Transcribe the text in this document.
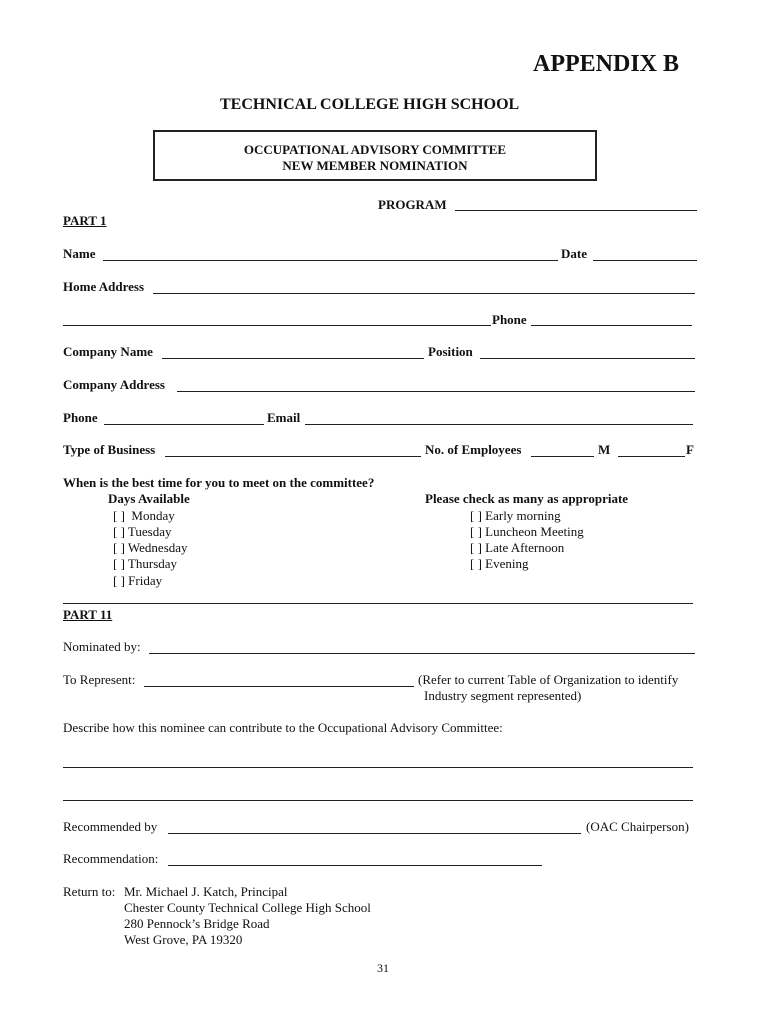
APPENDIX B
TECHNICAL COLLEGE HIGH SCHOOL
OCCUPATIONAL ADVISORY COMMITTEE
NEW MEMBER NOMINATION
PROGRAM
PART 1
Name	Date
Home Address
Phone
Company Name	Position
Company Address
Phone	Email
Type of Business	No. of Employees	M	F
When is the best time for you to meet on the committee?
Days Available	Please check as many as appropriate
[ ]  Monday
[ ] Tuesday
[ ] Wednesday
[ ] Thursday
[ ] Friday
[ ] Early morning
[ ] Luncheon Meeting
[ ] Late Afternoon
[ ] Evening
PART 11
Nominated by:
To Represent:	(Refer to current Table of Organization to identify
Industry segment represented)
Describe how this nominee can contribute to the Occupational Advisory Committee:
Recommended by	(OAC Chairperson)
Recommendation:
Return to: Mr. Michael J. Katch, Principal
Chester County Technical College High School
280 Pennock’s Bridge Road
West Grove, PA 19320
31
